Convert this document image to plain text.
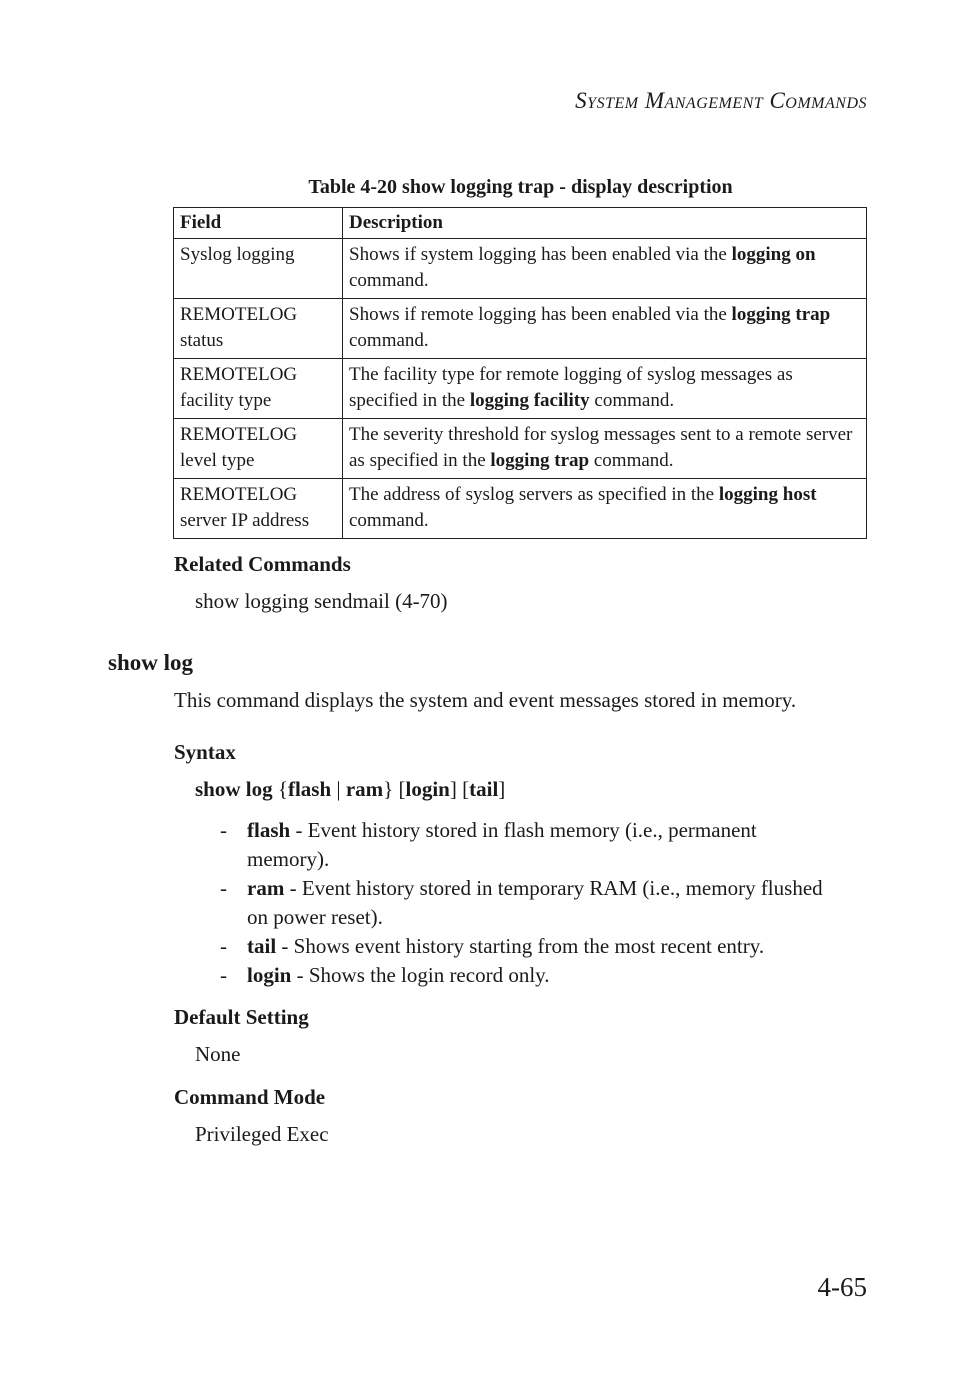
System Management Commands
Table 4-20 show logging trap - display description
Field	Description
Syslog logging	Shows if system logging has been enabled via the logging on command.
REMOTELOG status	Shows if remote logging has been enabled via the logging trap command.
REMOTELOG facility type	The facility type for remote logging of syslog messages as specified in the logging facility command.
REMOTELOG level type	The severity threshold for syslog messages sent to a remote server as specified in the logging trap command.
REMOTELOG server IP address	The address of syslog servers as specified in the logging host command.
Related Commands
show logging sendmail (4-70)
show log
This command displays the system and event messages stored in memory.
Syntax
show log {flash | ram} [login] [tail]
- flash - Event history stored in flash memory (i.e., permanent memory).
- ram - Event history stored in temporary RAM (i.e., memory flushed on power reset).
- tail - Shows event history starting from the most recent entry.
- login - Shows the login record only.
Default Setting
None
Command Mode
Privileged Exec
4-65
